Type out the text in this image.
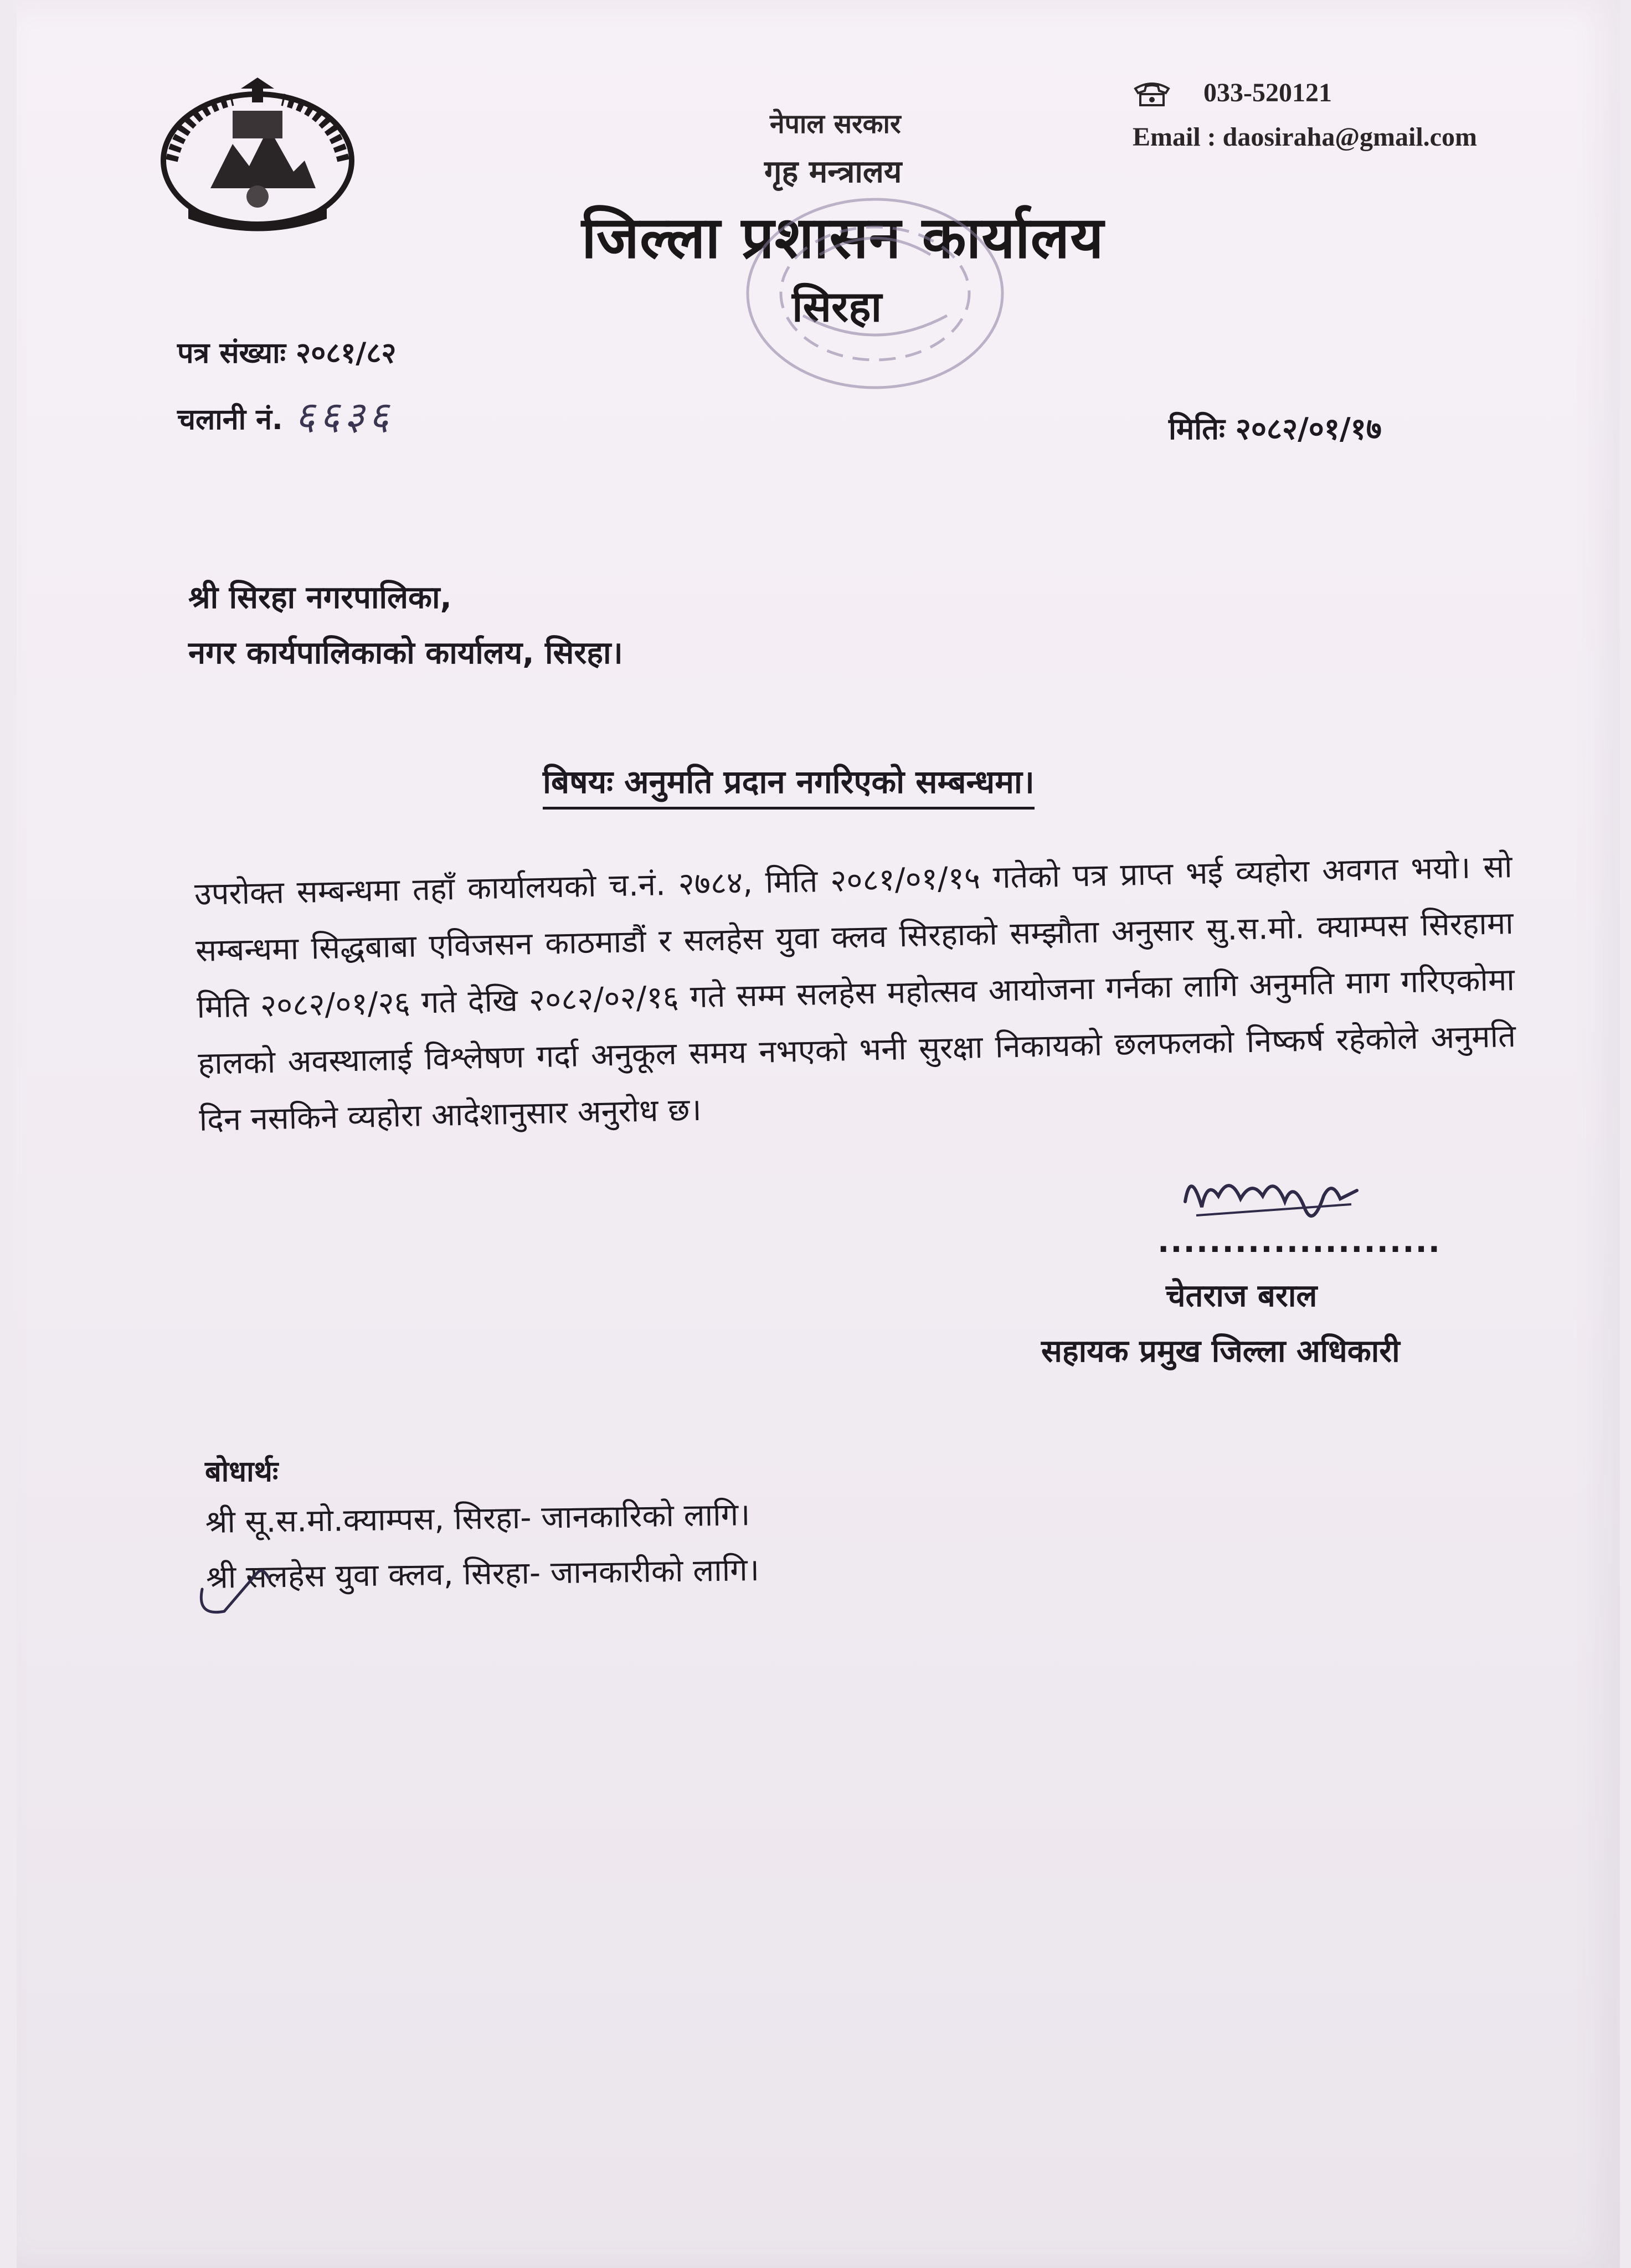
नेपाल सरकार
गृह मन्त्रालय
जिल्ला प्रशासन कार्यालय
सिरहा
033-520121
Email : daosiraha@gmail.com
पत्र संख्याः २०८१/८२
चलानी नं. ६६३६	मितिः २०८२/०१/१७
श्री सिरहा नगरपालिका,
नगर कार्यपालिकाको कार्यालय, सिरहा।
बिषयः अनुमति प्रदान नगरिएको सम्बन्धमा।
उपरोक्त सम्बन्धमा तहाँ कार्यालयको च.नं. २७८४, मिति २०८१/०१/१५ गतेको पत्र प्राप्त भई व्यहोरा अवगत भयो। सो सम्बन्धमा सिद्धबाबा एविजसन काठमाडौं र सलहेस युवा क्लव सिरहाको सम्झौता अनुसार सु.स.मो. क्याम्पस सिरहामा मिति २०८२/०१/२६ गते देखि २०८२/०२/१६ गते सम्म सलहेस महोत्सव आयोजना गर्नका लागि अनुमति माग गरिएकोमा हालको अवस्थालाई विश्लेषण गर्दा अनुकूल समय नभएको भनी सुरक्षा निकायको छलफलको निष्कर्ष रहेकोले अनुमति दिन नसकिने व्यहोरा आदेशानुसार अनुरोध छ।
......................
चेतराज बराल
सहायक प्रमुख जिल्ला अधिकारी
बोधार्थः
श्री सू.स.मो.क्याम्पस, सिरहा- जानकारिको लागि।
श्री सलहेस युवा क्लव, सिरहा- जानकारीको लागि।
